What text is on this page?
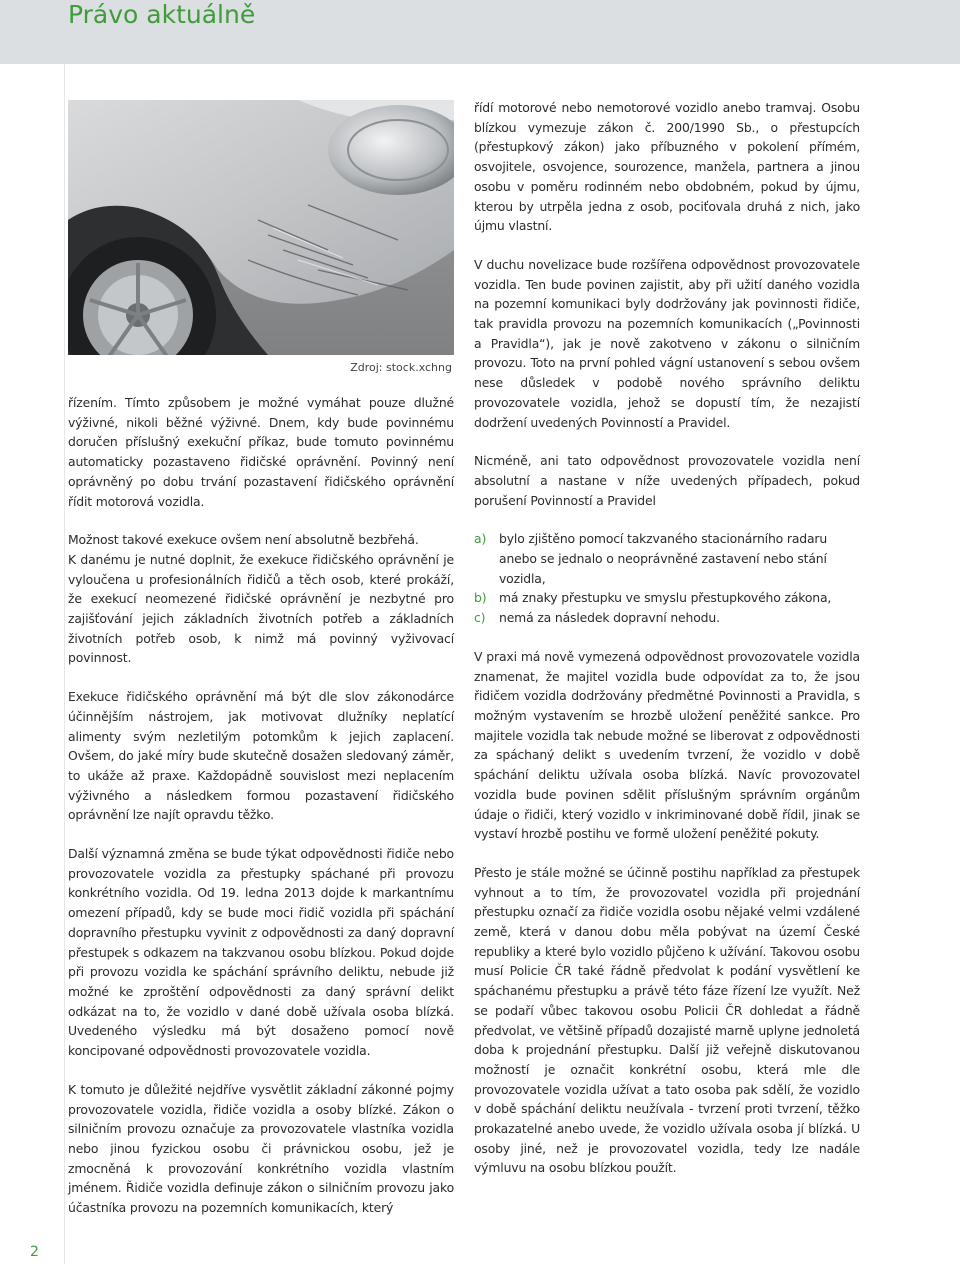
Právo aktuálně
Zdroj: stock.xchng

řízením. Tímto způsobem je možné vymáhat pouze dlužné výživné, nikoli běžné výživné. Dnem, kdy bude povinnému doručen příslušný exekuční příkaz, bude tomuto povinnému automaticky pozastaveno řidičské oprávnění. Povinný není oprávněný po dobu trvání pozastavení řidičského oprávnění řídit motorová vozidla.

Možnost takové exekuce ovšem není absolutně bezbřehá.

K danému je nutné doplnit, že exekuce řidičského oprávnění je vyloučena u profesionálních řidičů a těch osob, které prokáží, že exekucí neomezené řidičské oprávnění je nezbytné pro zajišťování jejich základních životních potřeb a základních životních potřeb osob, k nimž má povinný vyživovací povinnost.

Exekuce řidičského oprávnění má být dle slov zákonodárce účinnějším nástrojem, jak motivovat dlužníky neplatící alimenty svým nezletilým potomkům k jejich zaplacení. Ovšem, do jaké míry bude skutečně dosažen sledovaný záměr, to ukáže až praxe. Každopádně souvislost mezi neplacením výživného a následkem formou pozastavení řidičského oprávnění lze najít opravdu těžko.

Další významná změna se bude týkat odpovědnosti řidiče nebo provozovatele vozidla za přestupky spáchané při provozu konkrétního vozidla. Od 19. ledna 2013 dojde k markantnímu omezení případů, kdy se bude moci řidič vozidla při spáchání dopravního přestupku vyvinit z odpovědnosti za daný dopravní přestupek s odkazem na takzvanou osobu blízkou. Pokud dojde při provozu vozidla ke spáchání správního deliktu, nebude již možné ke zproštění odpovědnosti za daný správní delikt odkázat na to, že vozidlo v dané době užívala osoba blízká. Uvedeného výsledku má být dosaženo pomocí nově koncipované odpovědnosti provozovatele vozidla.

K tomuto je důležité nejdříve vysvětlit základní zákonné pojmy provozovatele vozidla, řidiče vozidla a osoby blízké. Zákon o silničním provozu označuje za provozovatele vlastníka vozidla nebo jinou fyzickou osobu či právnickou osobu, jež je zmocněná k provozování konkrétního vozidla vlastním jménem. Řidiče vozidla definuje zákon o silničním provozu jako účastníka provozu na pozemních komunikacích, který

řídí motorové nebo nemotorové vozidlo anebo tramvaj. Osobu blízkou vymezuje zákon č. 200/1990 Sb., o přestupcích (přestupkový zákon) jako příbuzného v pokolení přímém, osvojitele, osvojence, sourozence, manžela, partnera a jinou osobu v poměru rodinném nebo obdobném, pokud by újmu, kterou by utrpěla jedna z osob, pociťovala druhá z nich, jako újmu vlastní.

V duchu novelizace bude rozšířena odpovědnost provozovatele vozidla. Ten bude povinen zajistit, aby při užití daného vozidla na pozemní komunikaci byly dodržovány jak povinnosti řidiče, tak pravidla provozu na pozemních komunikacích („Povinnosti a Pravidla“), jak je nově zakotveno v zákonu o silničním provozu. Toto na první pohled vágní ustanovení s sebou ovšem nese důsledek v podobě nového správního deliktu provozovatele vozidla, jehož se dopustí tím, že nezajistí dodržení uvedených Povinností a Pravidel.

Nicméně, ani tato odpovědnost provozovatele vozidla není absolutní a nastane v níže uvedených případech, pokud porušení Povinností a Pravidel

a) bylo zjištěno pomocí takzvaného stacionárního radaru anebo se jednalo o neoprávněné zastavení nebo stání vozidla,
b) má znaky přestupku ve smyslu přestupkového zákona,
c) nemá za následek dopravní nehodu.

V praxi má nově vymezená odpovědnost provozovatele vozidla znamenat, že majitel vozidla bude odpovídat za to, že jsou řidičem vozidla dodržovány předmětné Povinnosti a Pravidla, s možným vystavením se hrozbě uložení peněžité sankce. Pro majitele vozidla tak nebude možné se liberovat z odpovědnosti za spáchaný delikt s uvedením tvrzení, že vozidlo v době spáchání deliktu užívala osoba blízká. Navíc provozovatel vozidla bude povinen sdělit příslušným správním orgánům údaje o řidiči, který vozidlo v inkriminované době řídil, jinak se vystaví hrozbě postihu ve formě uložení peněžité pokuty.

Přesto je stále možné se účinně postihu například za přestupek vyhnout a to tím, že provozovatel vozidla při projednání přestupku označí za řidiče vozidla osobu nějaké velmi vzdálené země, která v danou dobu měla pobývat na území České republiky a které bylo vozidlo půjčeno k užívání. Takovou osobu musí Policie ČR také řádně předvolat k podání vysvětlení ke spáchanému přestupku a právě této fáze řízení lze využít. Než se podaří vůbec takovou osobu Policii ČR dohledat a řádně předvolat, ve většině případů dozajisté marně uplyne jednoletá doba k projednání přestupku. Další již veřejně diskutovanou možností je označit konkrétní osobu, která mle dle provozovatele vozidla užívat a tato osoba pak sdělí, že vozidlo v době spáchání deliktu neužívala - tvrzení proti tvrzení, těžko prokazatelné anebo uvede, že vozidlo užívala osoba jí blízká. U osoby jiné, než je provozovatel vozidla, tedy lze nadále výmluvu na osobu blízkou použít.

2
